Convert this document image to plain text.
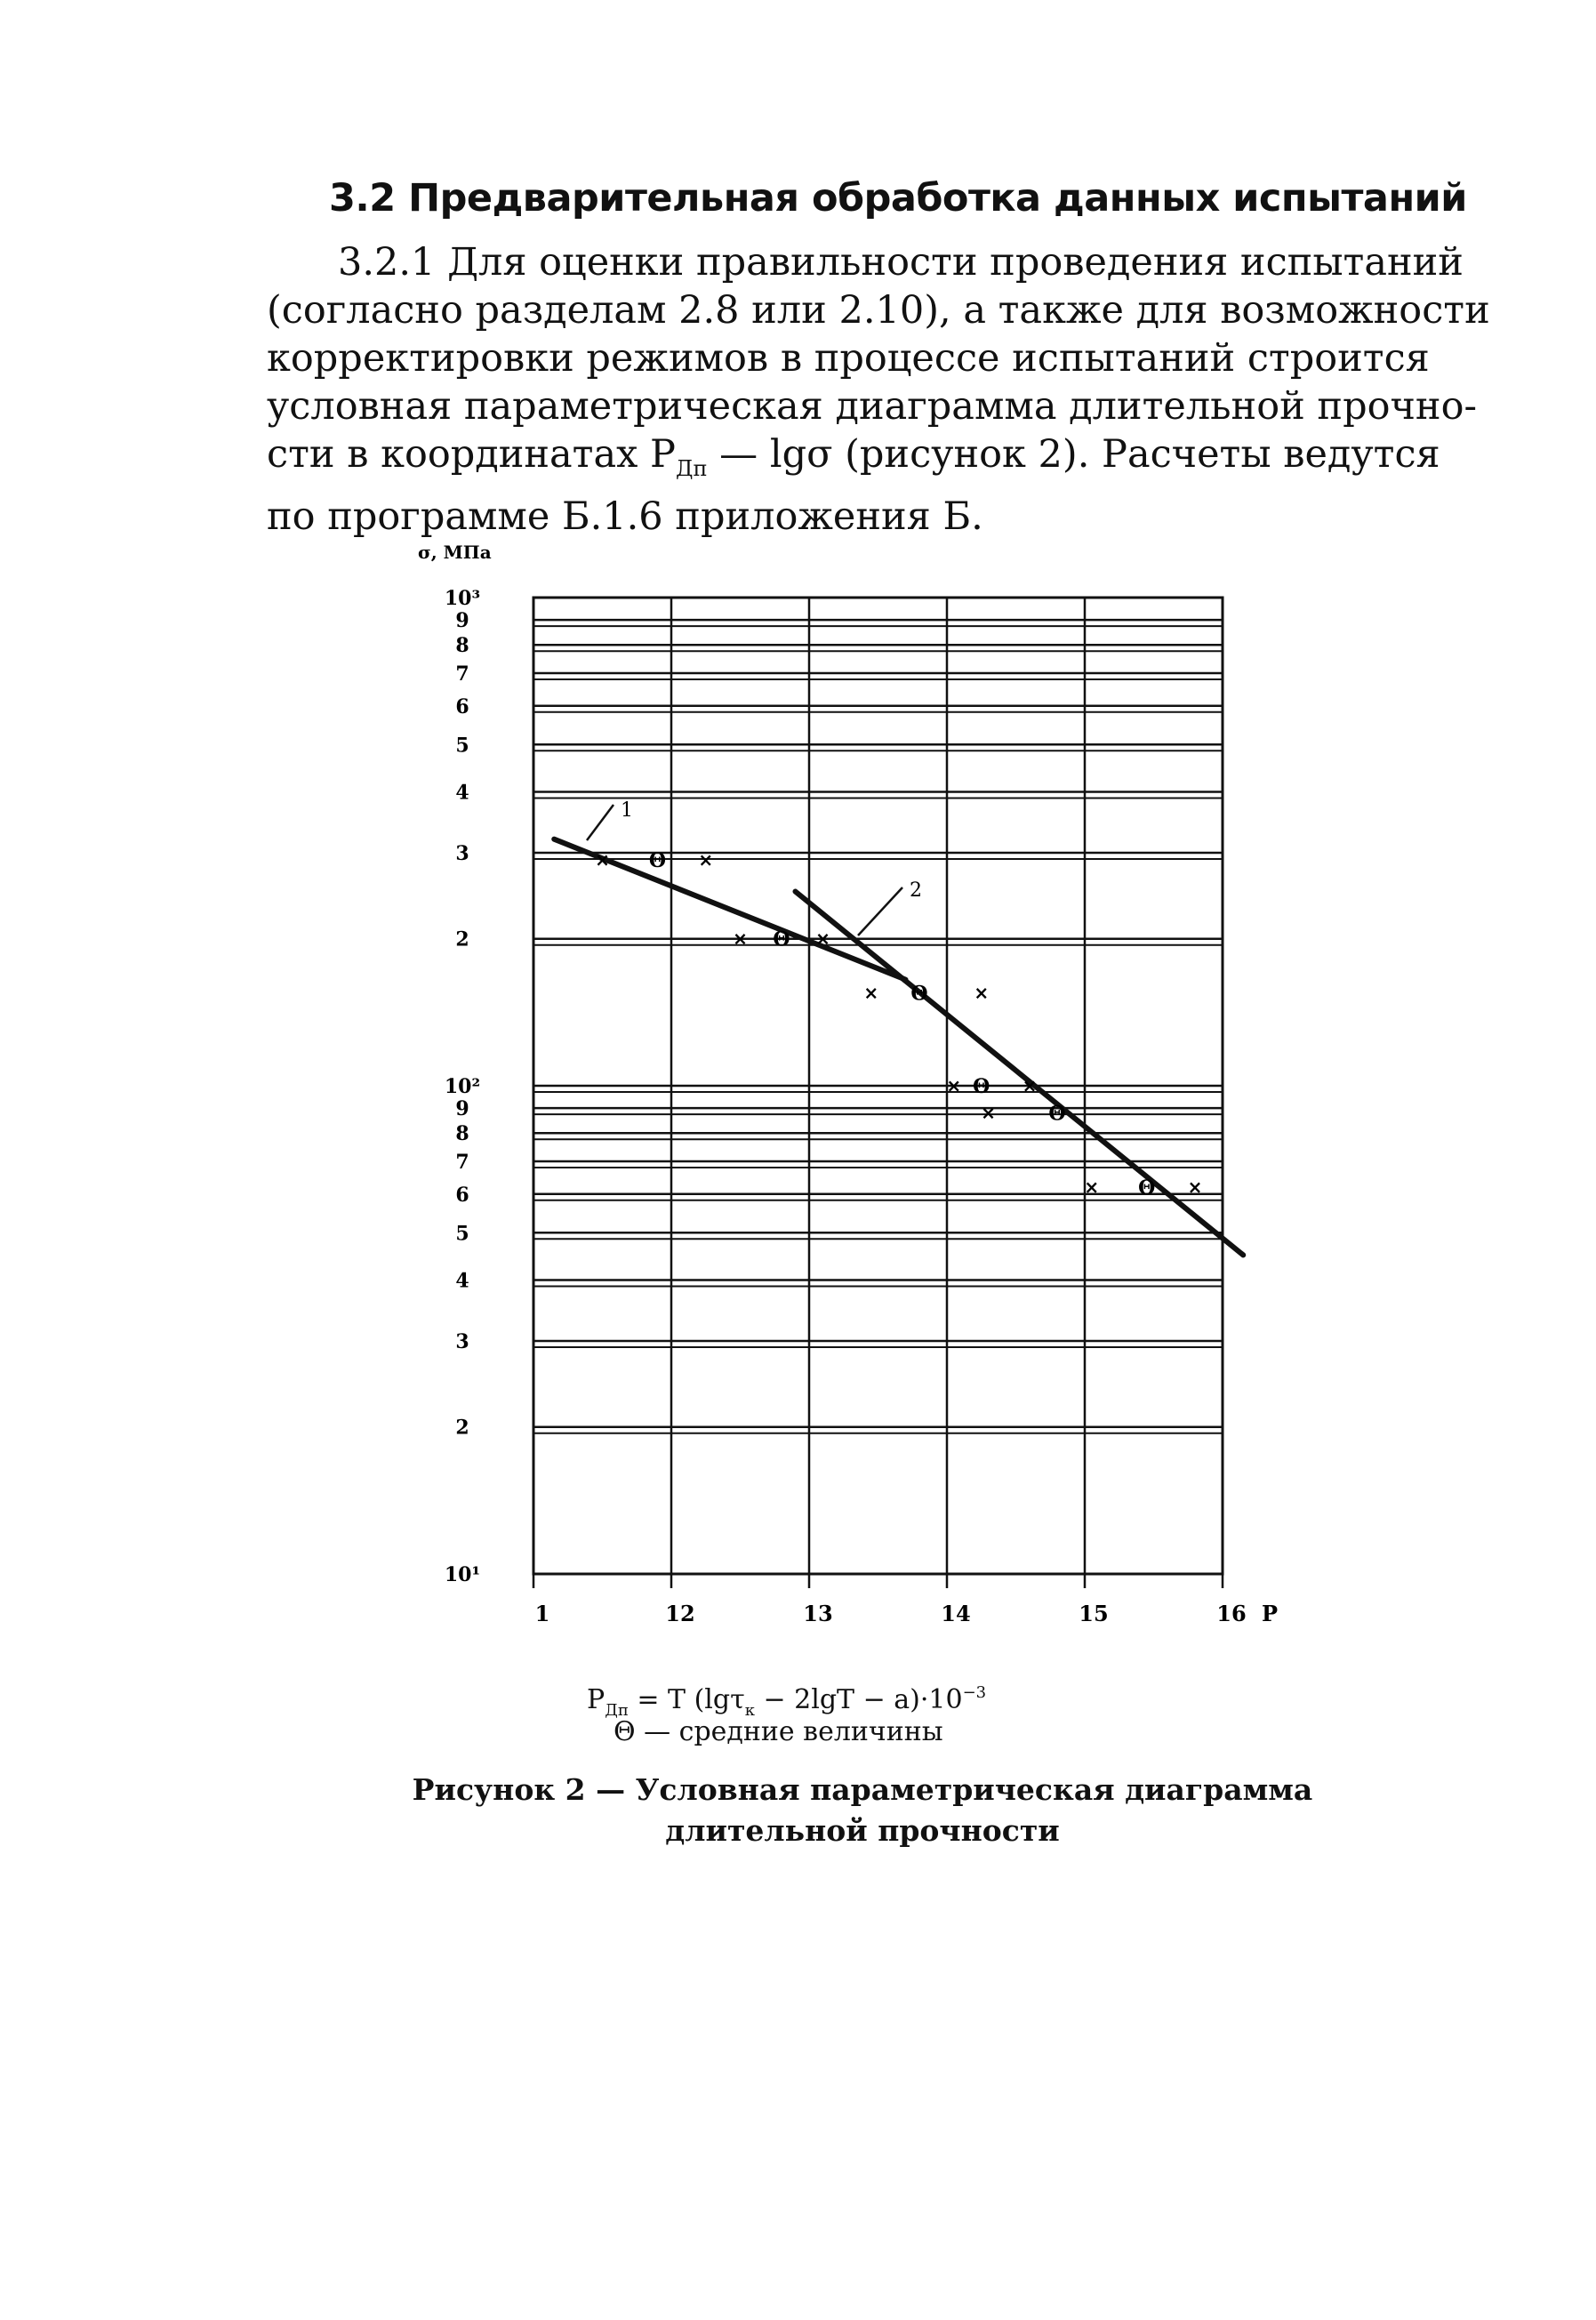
3.2 Предварительная обработка данных испытаний
3.2.1 Для оценки правильности проведения испытаний
(согласно разделам 2.8 или 2.10), а также для возможности
корректировки режимов в процессе испытаний строится
условная параметрическая диаграмма длительной прочно-
сти в координатах $Р_{Дп}$ — lgσ (рисунок 2). Расчеты ведутся
по программе Б.1.6 приложения Б.
σ, МПа
10³
9
8
7
6
5
4
3
2
10²
9
8
7
6
5
4
3
2
10¹
1	12	13	14	15	16 P
1
2
×	×
×	×
×	×
×	×
×
×	×
Θ
Θ
Θ
Θ
Θ
Θ
$Р_{Дп} = Т$ $(\lg\tau_к - 2\lg Т - a)\cdot 10^{-3}$
Θ — средние величины
Рисунок 2 — Условная параметрическая диаграмма
длительной прочности
